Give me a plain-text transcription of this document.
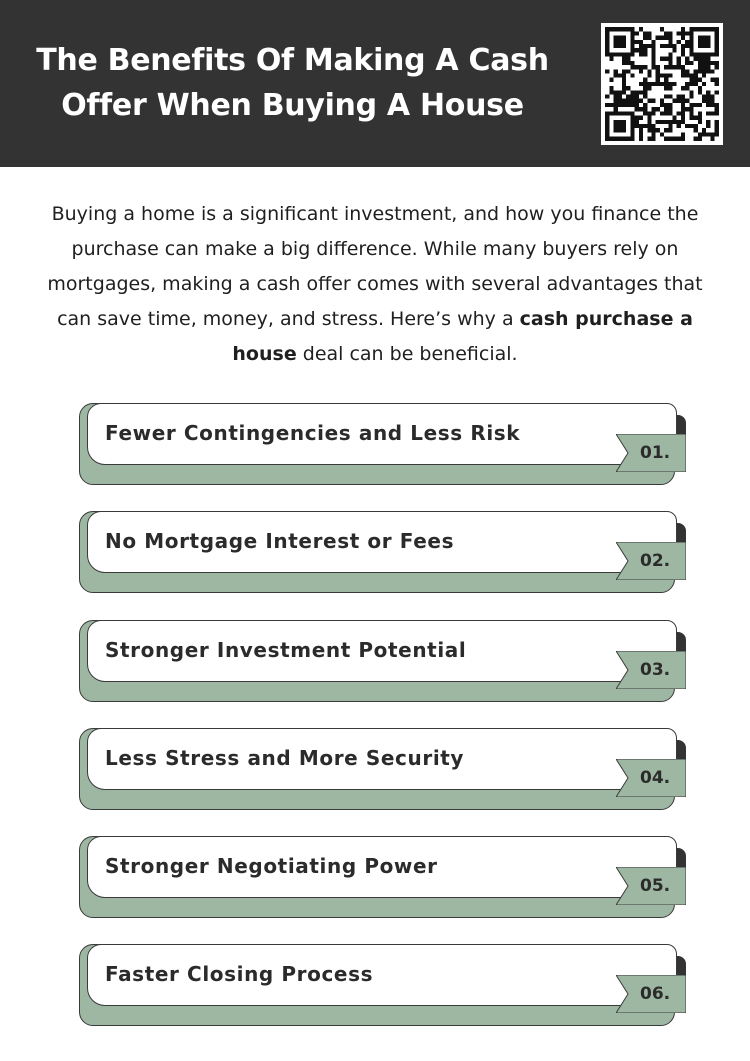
The Benefits Of Making A Cash
Offer When Buying A House

Buying a home is a significant investment, and how you finance the purchase can make a big difference. While many buyers rely on mortgages, making a cash offer comes with several advantages that can save time, money, and stress. Here’s why a cash purchase a house deal can be beneficial.

Fewer Contingencies and Less Risk
01.
No Mortgage Interest or Fees
02.
Stronger Investment Potential
03.
Less Stress and More Security
04.
Stronger Negotiating Power
05.
Faster Closing Process
06.
